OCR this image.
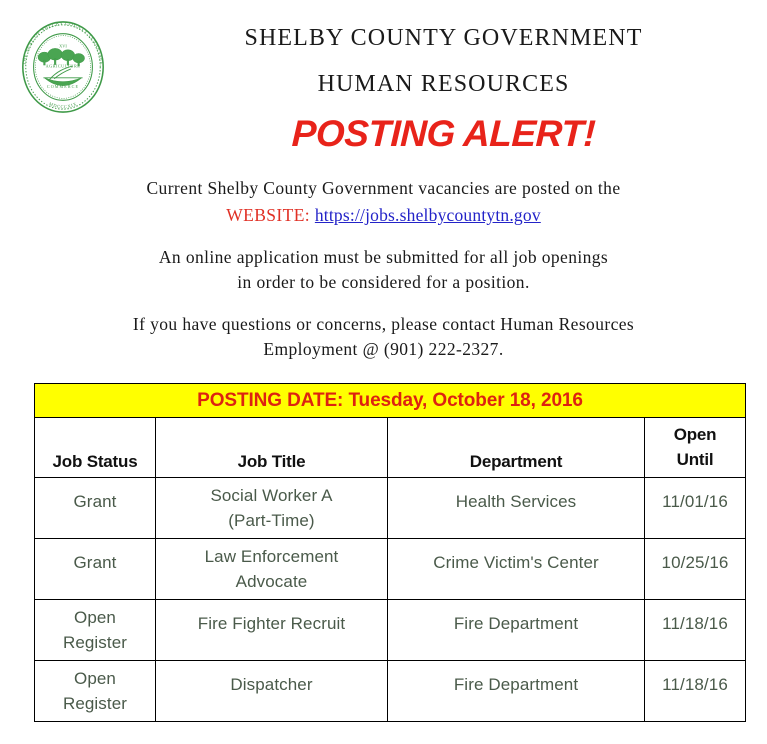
THE SEAL OF SHELBY COUNTY TENNESSEE
MDCCCXIX
XVI
AGRICULTURE
COMMERCE
SHELBY COUNTY GOVERNMENT
HUMAN RESOURCES
POSTING ALERT!

Current Shelby County Government vacancies are posted on the

WEBSITE: https://jobs.shelbycountytn.gov

An online application must be submitted for all job openings

in order to be considered for a position.

If you have questions or concerns, please contact Human Resources

Employment @ (901) 222-2327.

POSTING DATE: Tuesday, October 18, 2016			

Job Status	Job Title	Department	Open
Until

Grant	Social Worker A
(Part-Time)	Health Services	11/01/16

Grant	Law Enforcement
Advocate	Crime Victim's Center	10/25/16

Open
Register	Fire Fighter Recruit	Fire Department	11/18/16

Open
Register	Dispatcher	Fire Department	11/18/16
